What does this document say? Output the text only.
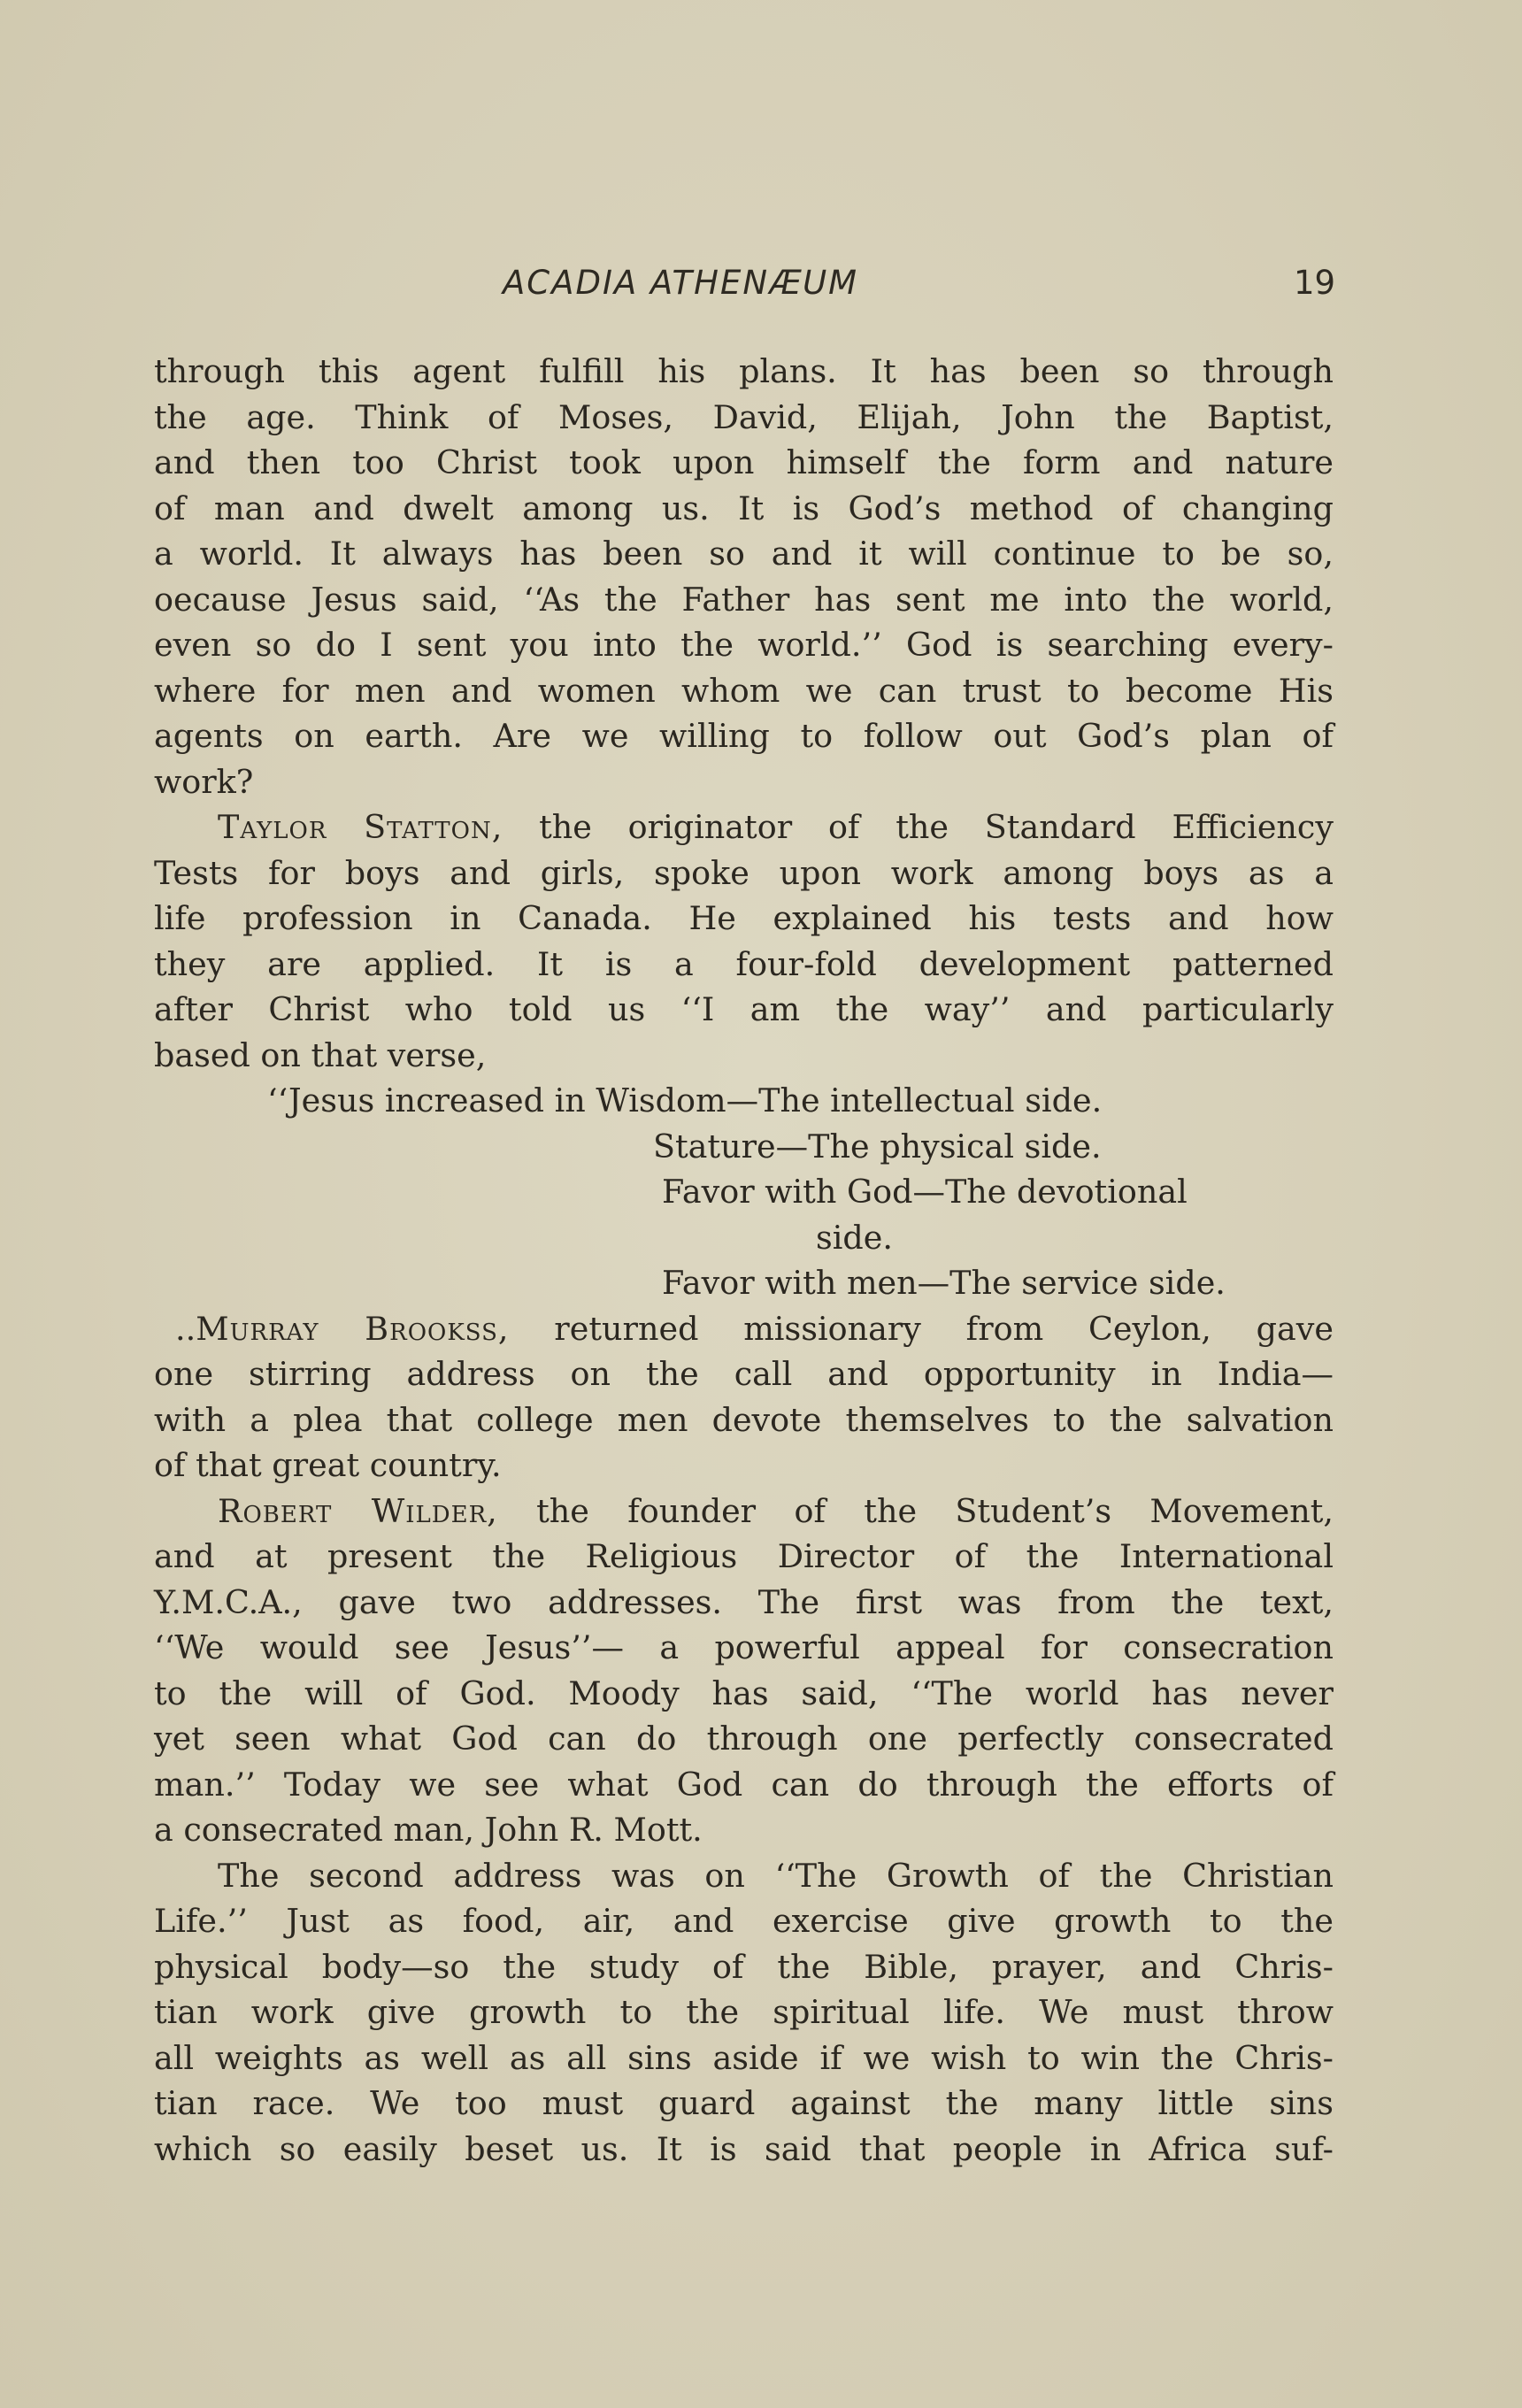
ACADIA ATHENÆUM	19
through this agent fulfill his plans. It has been so through
the age. Think of Moses, David, Elijah, John the Baptist,
and then too Christ took upon himself the form and nature
of man and dwelt among us. It is God’s method of changing
a world. It always has been so and it will continue to be so,
oecause Jesus said, ‘‘As the Father has sent me into the world,
even so do I sent you into the world.’’ God is searching every-
where for men and women whom we can trust to become His
agents on earth. Are we willing to follow out God’s plan of
work?
Taylor Statton, the originator of the Standard Efficiency
Tests for boys and girls, spoke upon work among boys as a
life profession in Canada. He explained his tests and how
they are applied. It is a four-fold development patterned
after Christ who told us ‘‘I am the way’’ and particularly
based on that verse,
‘‘Jesus increased in Wisdom—The intellectual side.
Stature—The physical side.
Favor with God—The devotional
side.
Favor with men—The service side.
..Murray Brookss, returned missionary from Ceylon, gave
one stirring address on the call and opportunity in India—
with a plea that college men devote themselves to the salvation
of that great country.
Robert Wilder, the founder of the Student’s Movement,
and at present the Religious Director of the International
Y.M.C.A., gave two addresses. The first was from the text,
‘‘We would see Jesus’’— a powerful appeal for consecration
to the will of God. Moody has said, ‘‘The world has never
yet seen what God can do through one perfectly consecrated
man.’’ Today we see what God can do through the efforts of
a consecrated man, John R. Mott.
The second address was on ‘‘The Growth of the Christian
Life.’’ Just as food, air, and exercise give growth to the
physical body—so the study of the Bible, prayer, and Chris-
tian work give growth to the spiritual life. We must throw
all weights as well as all sins aside if we wish to win the Chris-
tian race. We too must guard against the many little sins
which so easily beset us. It is said that people in Africa suf-
